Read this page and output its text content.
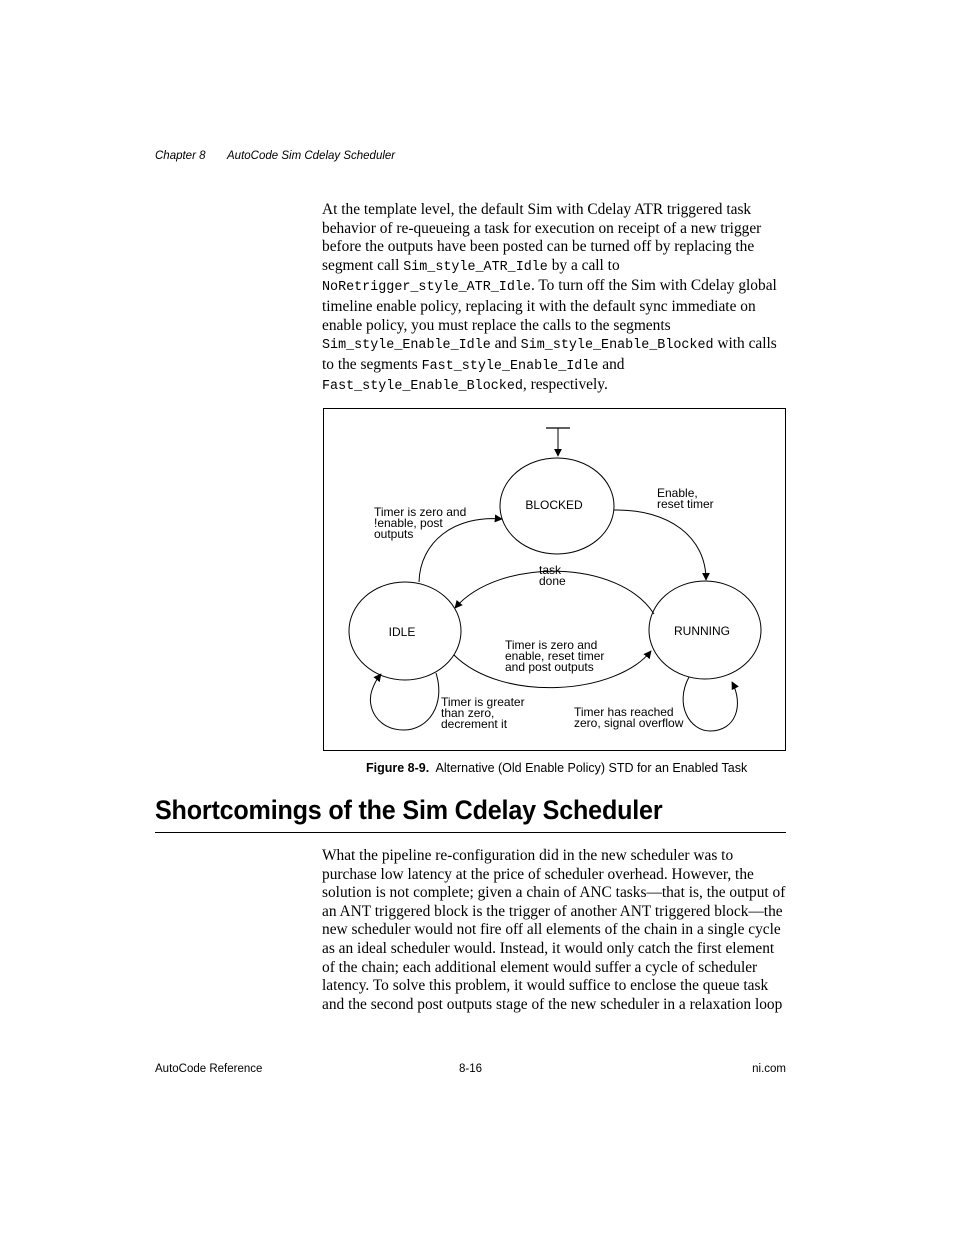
Chapter 8 AutoCode Sim Cdelay Scheduler
At the template level, the default Sim with Cdelay ATR triggered task behavior of re-queueing a task for execution on receipt of a new trigger before the outputs have been posted can be turned off by replacing the segment call Sim_style_ATR_Idle by a call to NoRetrigger_style_ATR_Idle. To turn off the Sim with Cdelay global timeline enable policy, replacing it with the default sync immediate on enable policy, you must replace the calls to the segments Sim_style_Enable_Idle and Sim_style_Enable_Blocked with calls to the segments Fast_style_Enable_Idle and Fast_style_Enable_Blocked, respectively.
BLOCKED
IDLE	RUNNING
Timer is zero and !enable, post outputs
Enable, reset timer
task done
Timer is zero and enable, reset timer and post outputs
Timer is greater than zero, decrement it
Timer has reached zero, signal overflow
Figure 8-9. Alternative (Old Enable Policy) STD for an Enabled Task
Shortcomings of the Sim Cdelay Scheduler
What the pipeline re-configuration did in the new scheduler was to purchase low latency at the price of scheduler overhead. However, the solution is not complete; given a chain of ANC tasks—that is, the output of an ANT triggered block is the trigger of another ANT triggered block—the new scheduler would not fire off all elements of the chain in a single cycle as an ideal scheduler would. Instead, it would only catch the first element of the chain; each additional element would suffer a cycle of scheduler latency. To solve this problem, it would suffice to enclose the queue task and the second post outputs stage of the new scheduler in a relaxation loop
AutoCode Reference	8-16	ni.com
